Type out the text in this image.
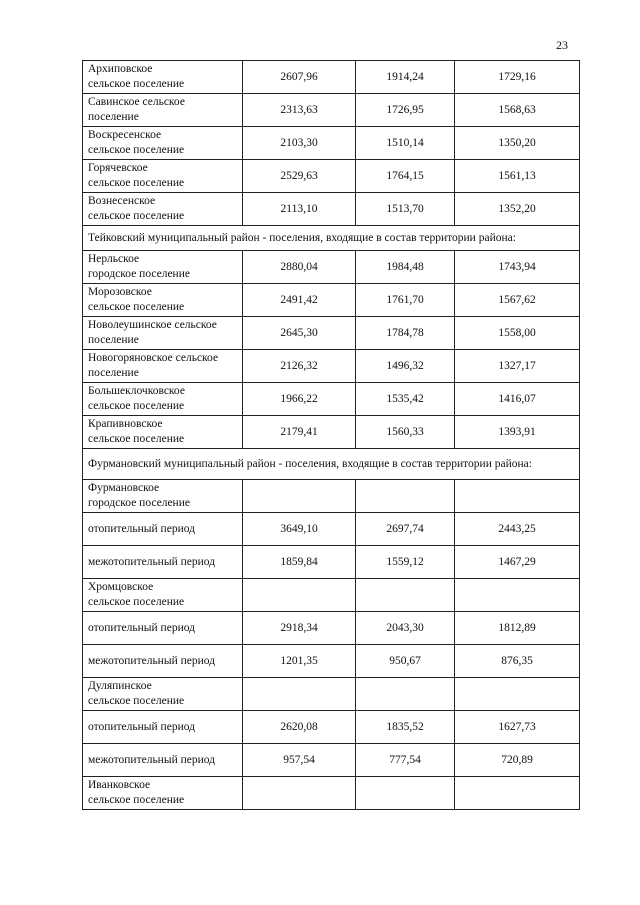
23
Архиповское
сельское поселение	2607,96	1914,24	1729,16

Савинское сельское
поселение	2313,63	1726,95	1568,63

Воскресенское
сельское поселение	2103,30	1510,14	1350,20

Горячевское
сельское поселение	2529,63	1764,15	1561,13

Вознесенское
сельское поселение	2113,10	1513,70	1352,20
Тейковский муниципальный район - поселения, входящие в состав территории района:			

Нерльское
городское поселение	2880,04	1984,48	1743,94

Морозовское
сельское поселение	2491,42	1761,70	1567,62

Новолеушинское сельское
поселение	2645,30	1784,78	1558,00

Новогоряновское сельское
поселение	2126,32	1496,32	1327,17

Большеклочковское
сельское поселение	1966,22	1535,42	1416,07

Крапивновское
сельское поселение	2179,41	1560,33	1393,91
Фурмановский муниципальный район - поселения, входящие в состав территории района:			

Фурмановское
городское поселение			

отопительный период	3649,10	2697,74	2443,25
межотопительный период	1859,84	1559,12	1467,29

Хромцовское
сельское поселение			

отопительный период	2918,34	2043,30	1812,89
межотопительный период	1201,35	950,67	876,35

Дуляпинское
сельское поселение			

отопительный период	2620,08	1835,52	1627,73
межотопительный период	957,54	777,54	720,89

Иванковское
сельское поселение			
